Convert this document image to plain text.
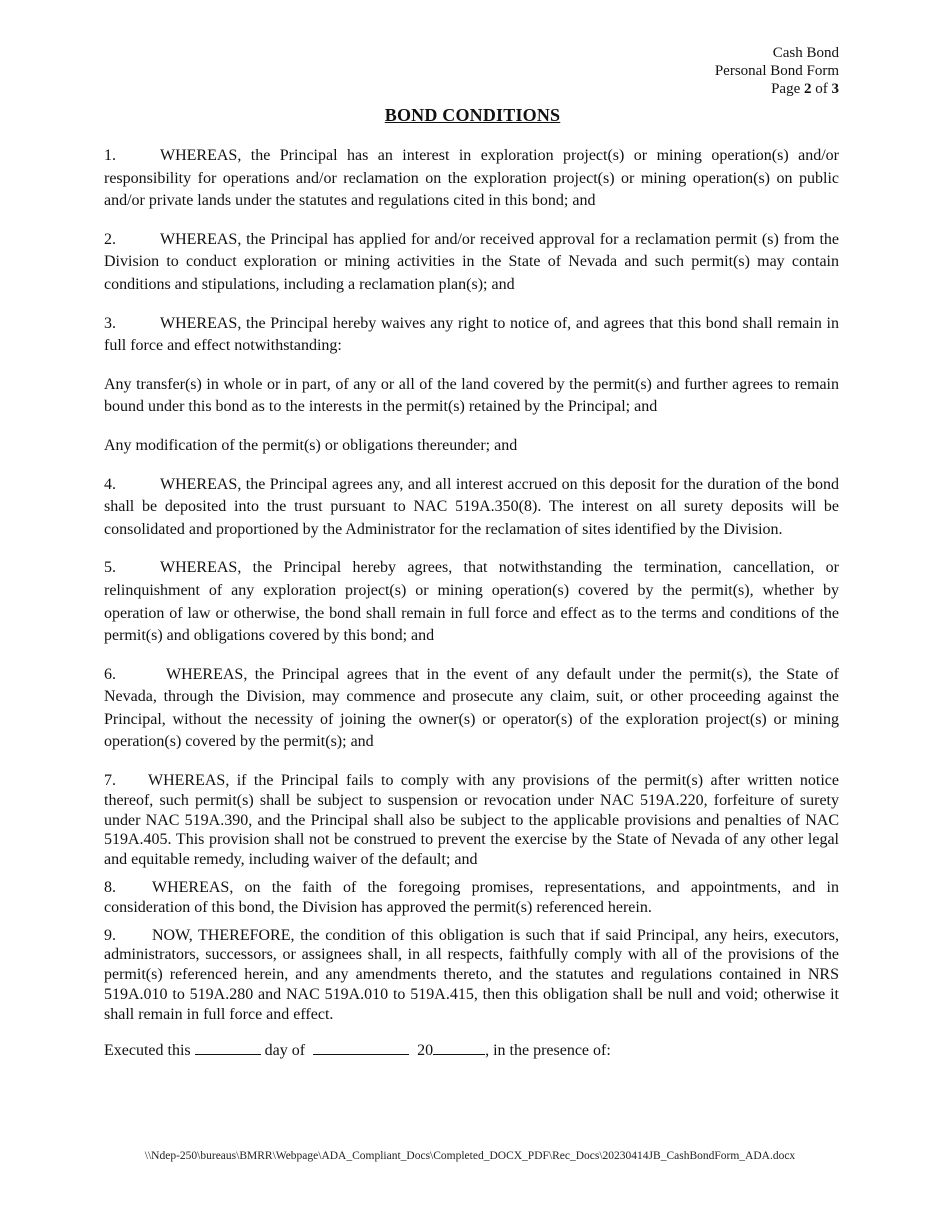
Cash Bond
Personal Bond Form
Page 2 of 3
BOND CONDITIONS

1.	WHEREAS, the Principal has an interest in exploration project(s) or mining operation(s) and/or responsibility for operations and/or reclamation on the exploration project(s) or mining operation(s) on public and/or private lands under the statutes and regulations cited in this bond; and

2.	WHEREAS, the Principal has applied for and/or received approval for a reclamation permit (s) from the Division to conduct exploration or mining activities in the State of Nevada and such permit(s) may contain conditions and stipulations, including a reclamation plan(s); and

3.	WHEREAS, the Principal hereby waives any right to notice of, and agrees that this bond shall remain in full force and effect notwithstanding:

Any transfer(s) in whole or in part, of any or all of the land covered by the permit(s) and further agrees to remain bound under this bond as to the interests in the permit(s) retained by the Principal; and

Any modification of the permit(s) or obligations thereunder; and

4.	WHEREAS, the Principal agrees any, and all interest accrued on this deposit for the duration of the bond shall be deposited into the trust pursuant to NAC 519A.350(8). The interest on all surety deposits will be consolidated and proportioned by the Administrator for the reclamation of sites identified by the Division.

5.	WHEREAS, the Principal hereby agrees, that notwithstanding the termination, cancellation, or relinquishment of any exploration project(s) or mining operation(s) covered by the permit(s), whether by operation of law or otherwise, the bond shall remain in full force and effect as to the terms and conditions of the permit(s) and obligations covered by this bond; and

6.	WHEREAS, the Principal agrees that in the event of any default under the permit(s), the State of Nevada, through the Division, may commence and prosecute any claim, suit, or other proceeding against the Principal, without the necessity of joining the owner(s) or operator(s) of the exploration project(s) or mining operation(s) covered by the permit(s); and

7. WHEREAS, if the Principal fails to comply with any provisions of the permit(s) after written notice thereof, such permit(s) shall be subject to suspension or revocation under NAC 519A.220, forfeiture of surety under NAC 519A.390, and the Principal shall also be subject to the applicable provisions and penalties of NAC 519A.405. This provision shall not be construed to prevent the exercise by the State of Nevada of any other legal and equitable remedy, including waiver of the default; and

8. WHEREAS, on the faith of the foregoing promises, representations, and appointments, and in consideration of this bond, the Division has approved the permit(s) referenced herein.

9. NOW, THEREFORE, the condition of this obligation is such that if said Principal, any heirs, executors, administrators, successors, or assignees shall, in all respects, faithfully comply with all of the provisions of the permit(s) referenced herein, and any amendments thereto, and the statutes and regulations contained in NRS 519A.010 to 519A.280 and NAC 519A.010 to 519A.415, then this obligation shall be null and void; otherwise it shall remain in full force and effect.

Executed this	day of	20	, in the presence of:
\\Ndep-250\bureaus\BMRR\Webpage\ADA_Compliant_Docs\Completed_DOCX_PDF\Rec_Docs\20230414JB_CashBondForm_ADA.docx
